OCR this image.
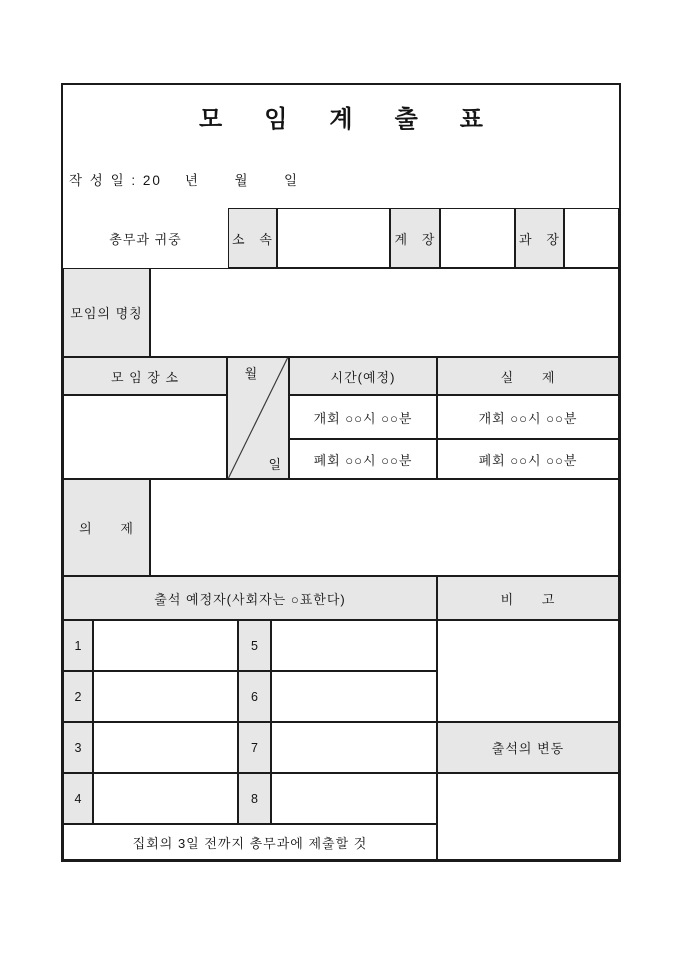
모 임 계 출 표
작 성 일 : 20    년      월      일
총무과 귀중	소   속	계   장	과   장
모임의 명칭
모 임 장 소	월
일
시간(예정)	실      제
개회 ○○시 ○○분	개회 ○○시 ○○분
폐회 ○○시 ○○분	폐회 ○○시 ○○분
의      제
출석 예정자(사회자는 ○표한다)	비      고
1	5
2	6
3	7
4	8
출석의 변동
집회의 3일 전까지 총무과에 제출할 것
